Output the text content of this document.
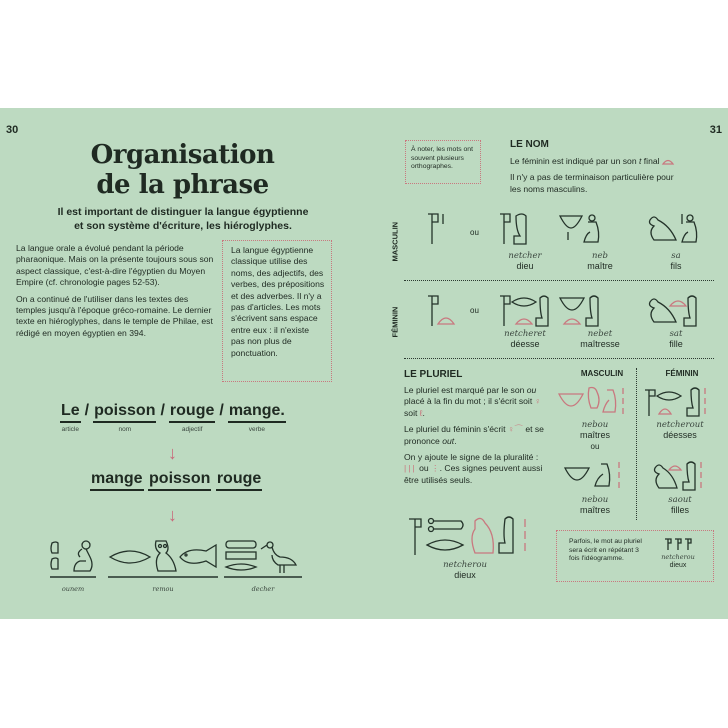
30
Organisation
de la phrase
Il est important de distinguer la langue égyptienne
et son système d'écriture, les hiéroglyphes.

La langue orale a évolué pendant la période pharaonique. Mais on la présente toujours sous son aspect classique, c'est-à-dire l'égyptien du Moyen Empire (cf. chronologie pages 52-53).

On a continué de l'utiliser dans les textes des temples jusqu'à l'époque gréco-romaine. Le dernier texte en hiéroglyphes, dans le temple de Philae, est rédigé en moyen égyptien en 394.

La langue égyptienne classique utilise des noms, des adjectifs, des verbes, des prépositions et des adverbes. Il n'y a pas d'articles. Les mots s'écrivent sans espace entre eux : il n'existe pas non plus de ponctuation.
Le
article
/ poisson
nom
/ rouge
adjectif
/ mange.
verbe
↓
mange
poisson
rouge
↓
ounem	remou	decher
31
À noter, les mots ont souvent plusieurs orthographes.
LE NOM
Le féminin est indiqué par un son t final
Il n'y a pas de terminaison particulière pour les noms masculins.
MASCULIN	ou
netcher
dieu
neb
maître
sa
fils
FÉMININ	ou
netcheret
déesse
nebet
maîtresse
sat
fille
LE PLURIEL
Le pluriel est marqué par le son ou placé à la fin du mot ; il s'écrit soit ♀ soit ℓ.
Le pluriel du féminin s'écrit ♀⌒ et se prononce out.
On y ajoute le signe de la pluralité : ||| ou ⋮. Ces signes peuvent aussi être utilisés seuls.
MASCULIN	FÉMININ
nebou
maîtres
ou
netcherout
déesses
nebou
maîtres
saout
filles
netcherou
dieux
Parfois, le mot au pluriel sera écrit en répétant 3 fois l'idéogramme.	netcherou
dieux
